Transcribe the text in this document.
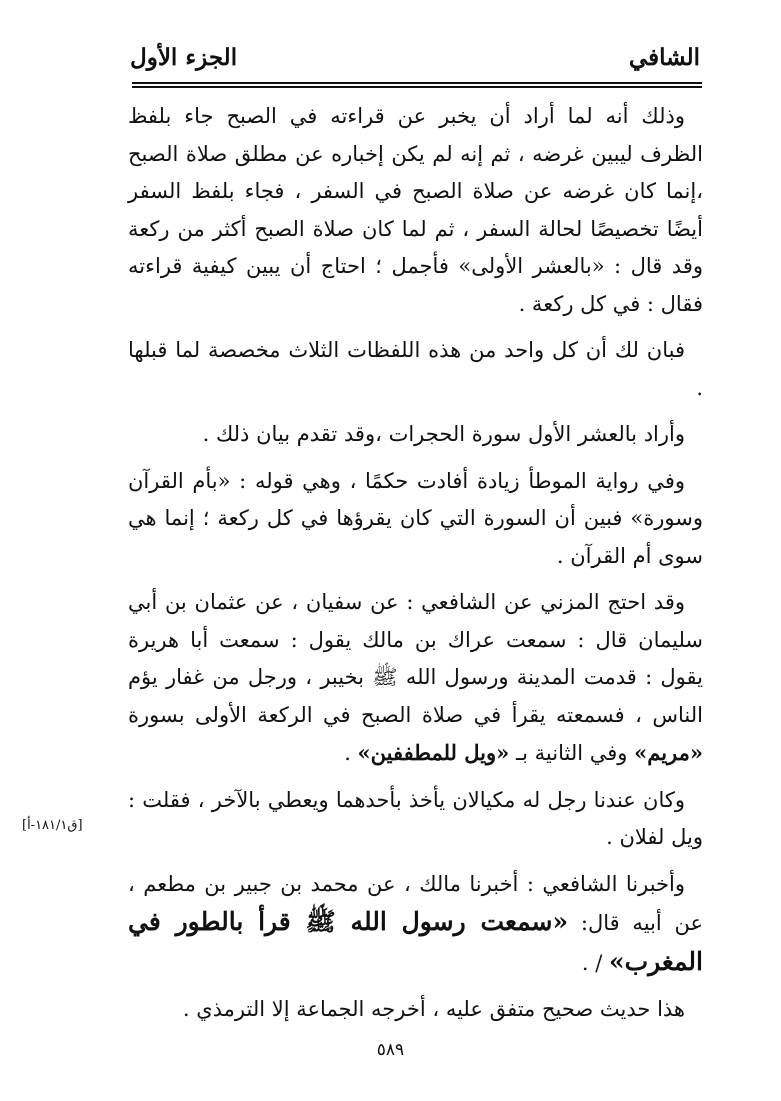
الشافي
الجزء الأول

وذلك أنه لما أراد أن يخبر عن قراءته في الصبح جاء بلفظ الظرف ليبين غرضه ، ثم إنه لم يكن إخباره عن مطلق صلاة الصبح ،إنما كان غرضه عن صلاة الصبح في السفر ، فجاء بلفظ السفر أيضًا تخصيصًا لحالة السفر ، ثم لما كان صلاة الصبح أكثر من ركعة وقد قال : «بالعشر الأولى» فأجمل ؛ احتاج أن يبين كيفية قراءته فقال : في كل ركعة .

فبان لك أن كل واحد من هذه اللفظات الثلاث مخصصة لما قبلها .

وأراد بالعشر الأول سورة الحجرات ،وقد تقدم بيان ذلك .

وفي رواية الموطأ زيادة أفادت حكمًا ، وهي قوله : «بأم القرآن وسورة» فبين أن السورة التي كان يقرؤها في كل ركعة ؛ إنما هي سوى أم القرآن .

وقد احتج المزني عن الشافعي : عن سفيان ، عن عثمان بن أبي سليمان قال : سمعت عراك بن مالك يقول : سمعت أبا هريرة يقول : قدمت المدينة ورسول الله ﷺ بخيبر ، ورجل من غفار يؤم الناس ، فسمعته يقرأ في صلاة الصبح في الركعة الأولى بسورة «مريم» وفي الثانية بـ «ويل للمطففين» .

وكان عندنا رجل له مكيالان يأخذ بأحدهما ويعطي بالآخر ، فقلت : ويل لفلان .

وأخبرنا الشافعي : أخبرنا مالك ، عن محمد بن جبير بن مطعم ، عن أبيه قال: «سمعت رسول الله ﷺ قرأ بالطور في المغرب» / .

هذا حديث صحيح متفق عليه ، أخرجه الجماعة إلا الترمذي .

[ق١٨١/١-أ]
٥٨٩
